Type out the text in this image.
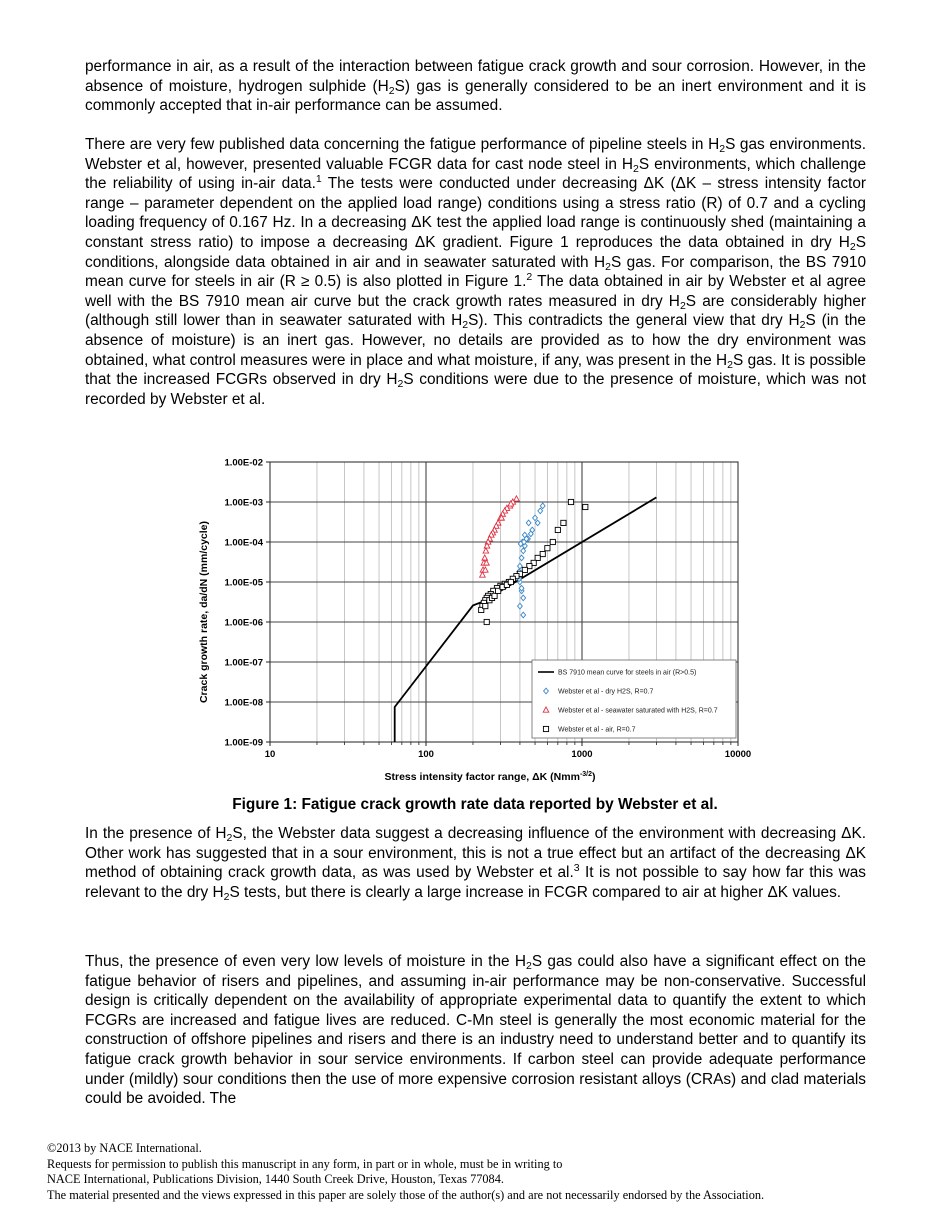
performance in air, as a result of the interaction between fatigue crack growth and sour corrosion. However, in the absence of moisture, hydrogen sulphide $(H_2S)$ gas is generally considered to be an inert environment and it is commonly accepted that in-air performance can be assumed.

There are very few published data concerning the fatigue performance of pipeline steels in $H_2S$ gas environments. Webster et al, however, presented valuable FCGR data for cast node steel in $H_2S$ environments, which challenge the reliability of using in-air data.$^1$ The tests were conducted under decreasing ΔK (ΔK – stress intensity factor range – parameter dependent on the applied load range) conditions using a stress ratio (R) of 0.7 and a cycling loading frequency of 0.167 Hz. In a decreasing ΔK test the applied load range is continuously shed (maintaining a constant stress ratio) to impose a decreasing ΔK gradient. Figure 1 reproduces the data obtained in dry $H_2S$ conditions, alongside data obtained in air and in seawater saturated with $H_2S$ gas. For comparison, the BS 7910 mean curve for steels in air (R ≥ 0.5) is also plotted in Figure 1.$^2$ The data obtained in air by Webster et al agree well with the BS 7910 mean air curve but the crack growth rates measured in dry $H_2S$ are considerably higher (although still lower than in seawater saturated with $H_2S$). This contradicts the general view that dry $H_2S$ (in the absence of moisture) is an inert gas. However, no details are provided as to how the dry environment was obtained, what control measures were in place and what moisture, if any, was present in the $H_2S$ gas. It is possible that the increased FCGRs observed in dry $H_2S$ conditions were due to the presence of moisture, which was not recorded by Webster et al.

1.00E-02
1.00E-03
1.00E-04
1.00E-05
1.00E-06
1.00E-07
1.00E-08
1.00E-09
10	100	1000	10000
BS 7910 mean curve for steels in air (R>0.5)
Webster et al - dry H2S, R=0.7
Webster et al - seawater saturated with H2S, R=0.7
Webster et al - air, R=0.7
Crack growth rate, da/dN (mm/cycle)
Stress intensity factor range, ΔK (Nmm$^{-3/2}$)

Figure 1: Fatigue crack growth rate data reported by Webster et al.

In the presence of $H_2S$, the Webster data suggest a decreasing influence of the environment with decreasing ΔK. Other work has suggested that in a sour environment, this is not a true effect but an artifact of the decreasing ΔK method of obtaining crack growth data, as was used by Webster et al.$^3$ It is not possible to say how far this was relevant to the dry $H_2S$ tests, but there is clearly a large increase in FCGR compared to air at higher ΔK values.

Thus, the presence of even very low levels of moisture in the $H_2S$ gas could also have a significant effect on the fatigue behavior of risers and pipelines, and assuming in-air performance may be non-conservative. Successful design is critically dependent on the availability of appropriate experimental data to quantify the extent to which FCGRs are increased and fatigue lives are reduced. C-Mn steel is generally the most economic material for the construction of offshore pipelines and risers and there is an industry need to understand better and to quantify its fatigue crack growth behavior in sour service environments. If carbon steel can provide adequate performance under (mildly) sour conditions then the use of more expensive corrosion resistant alloys (CRAs) and clad materials could be avoided. The

©2013 by NACE International.
Requests for permission to publish this manuscript in any form, in part or in whole, must be in writing to
NACE International, Publications Division, 1440 South Creek Drive, Houston, Texas 77084.
The material presented and the views expressed in this paper are solely those of the author(s) and are not necessarily endorsed by the Association.
